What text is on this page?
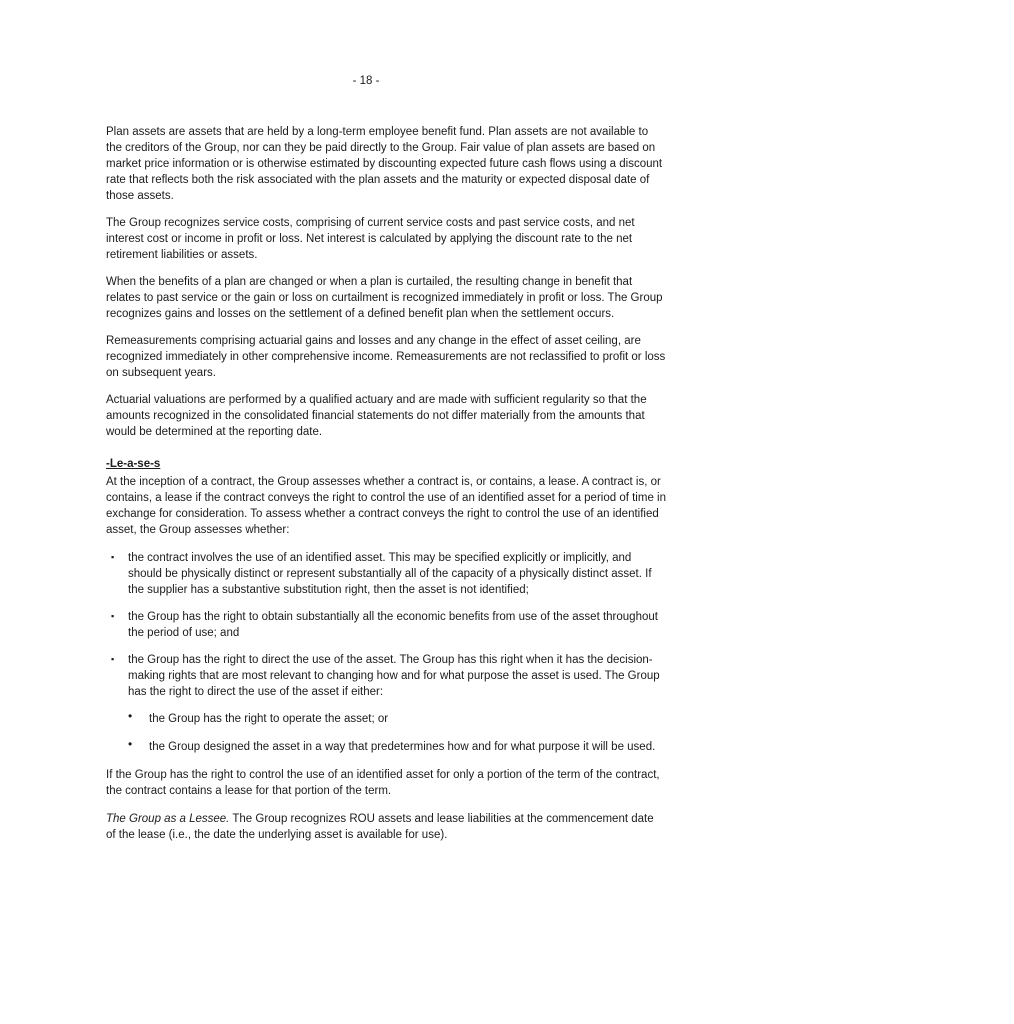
- 18 -

Plan assets are assets that are held by a long-term employee benefit fund. Plan assets are not available to the creditors of the Group, nor can they be paid directly to the Group. Fair value of plan assets are based on market price information or is otherwise estimated by discounting expected future cash flows using a discount rate that reflects both the risk associated with the plan assets and the maturity or expected disposal date of those assets.

The Group recognizes service costs, comprising of current service costs and past service costs, and net interest cost or income in profit or loss. Net interest is calculated by applying the discount rate to the net retirement liabilities or assets.

When the benefits of a plan are changed or when a plan is curtailed, the resulting change in benefit that relates to past service or the gain or loss on curtailment is recognized immediately in profit or loss. The Group recognizes gains and losses on the settlement of a defined benefit plan when the settlement occurs.

Remeasurements comprising actuarial gains and losses and any change in the effect of asset ceiling, are recognized immediately in other comprehensive income. Remeasurements are not reclassified to profit or loss on subsequent years.

Actuarial valuations are performed by a qualified actuary and are made with sufficient regularity so that the amounts recognized in the consolidated financial statements do not differ materially from the amounts that would be determined at the reporting date.

-Le-a-se-s

At the inception of a contract, the Group assesses whether a contract is, or contains, a lease. A contract is, or contains, a lease if the contract conveys the right to control the use of an identified asset for a period of time in exchange for consideration. To assess whether a contract conveys the right to control the use of an identified asset, the Group assesses whether:

▪ the contract involves the use of an identified asset. This may be specified explicitly or implicitly, and should be physically distinct or represent substantially all of the capacity of a physically distinct asset. If the supplier has a substantive substitution right, then the asset is not identified;
▪ the Group has the right to obtain substantially all the economic benefits from use of the asset throughout the period of use; and
▪ the Group has the right to direct the use of the asset. The Group has this right when it has the decision-making rights that are most relevant to changing how and for what purpose the asset is used. The Group has the right to direct the use of the asset if either:
• the Group has the right to operate the asset; or
• the Group designed the asset in a way that predetermines how and for what purpose it will be used.

If the Group has the right to control the use of an identified asset for only a portion of the term of the contract, the contract contains a lease for that portion of the term.

The Group as a Lessee. The Group recognizes ROU assets and lease liabilities at the commencement date of the lease (i.e., the date the underlying asset is available for use).
